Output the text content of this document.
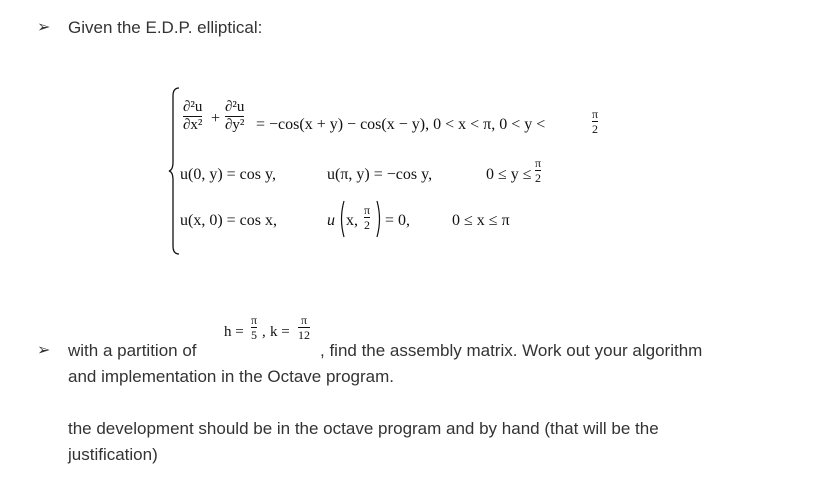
➢ Given the E.D.P. elliptical:
∂²u
∂x² +
∂²u
∂y² = −cos(x + y) − cos(x − y), 0 < x < π, 0 < y <
π
2
u(0, y) = cos y,	u(π, y) = −cos y,	0 ≤ y ≤
π
2
u(x, 0) = cos x,	u x,
π
2 = 0,	0 ≤ x ≤ π
h =
π
5 , k =
π
12
➢ with a partition of	, find the assembly matrix. Work out your algorithm
and implementation in the Octave program.
the development should be in the octave program and by hand (that will be the
justification)
